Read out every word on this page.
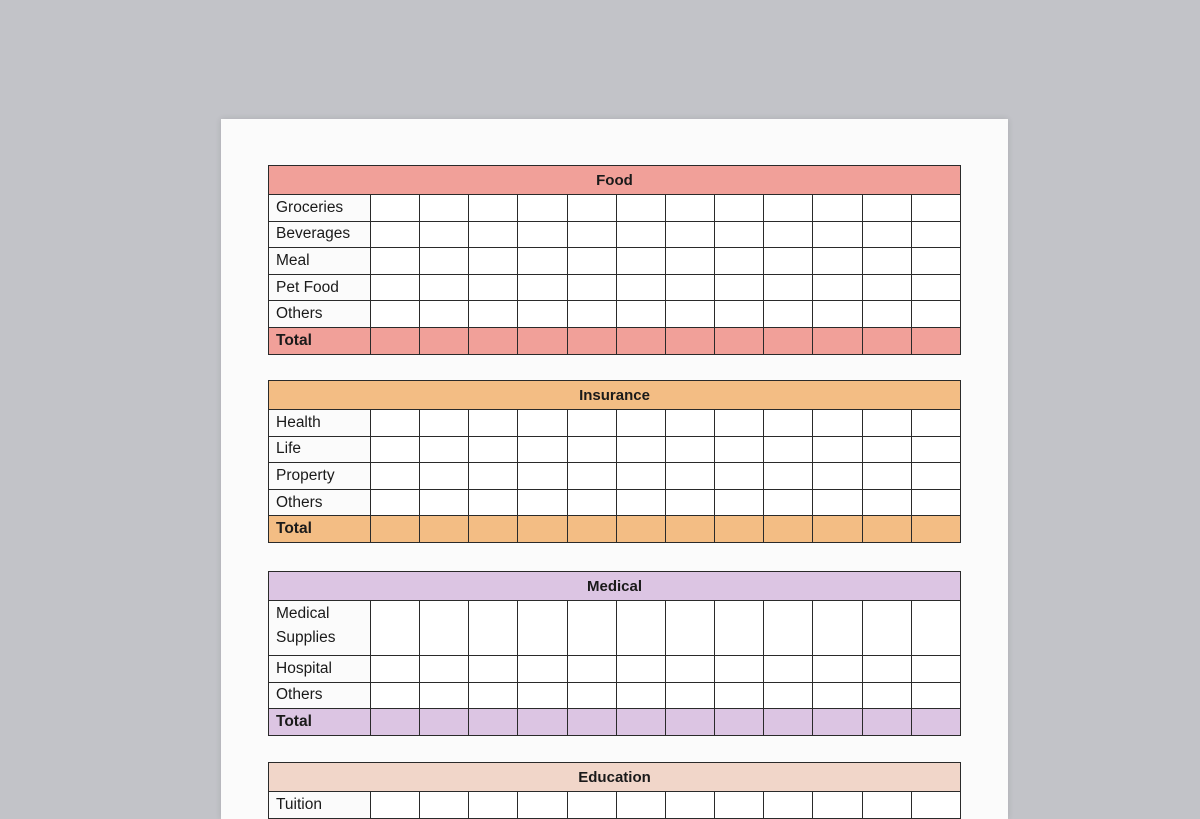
Food												
Groceries												
Beverages												
Meal												
Pet Food												
Others												
Total												
Insurance												
Health												
Life												
Property												
Others												
Total												
Medical												
Medical Supplies												
Hospital												
Others												
Total												
Education
Tuition												
